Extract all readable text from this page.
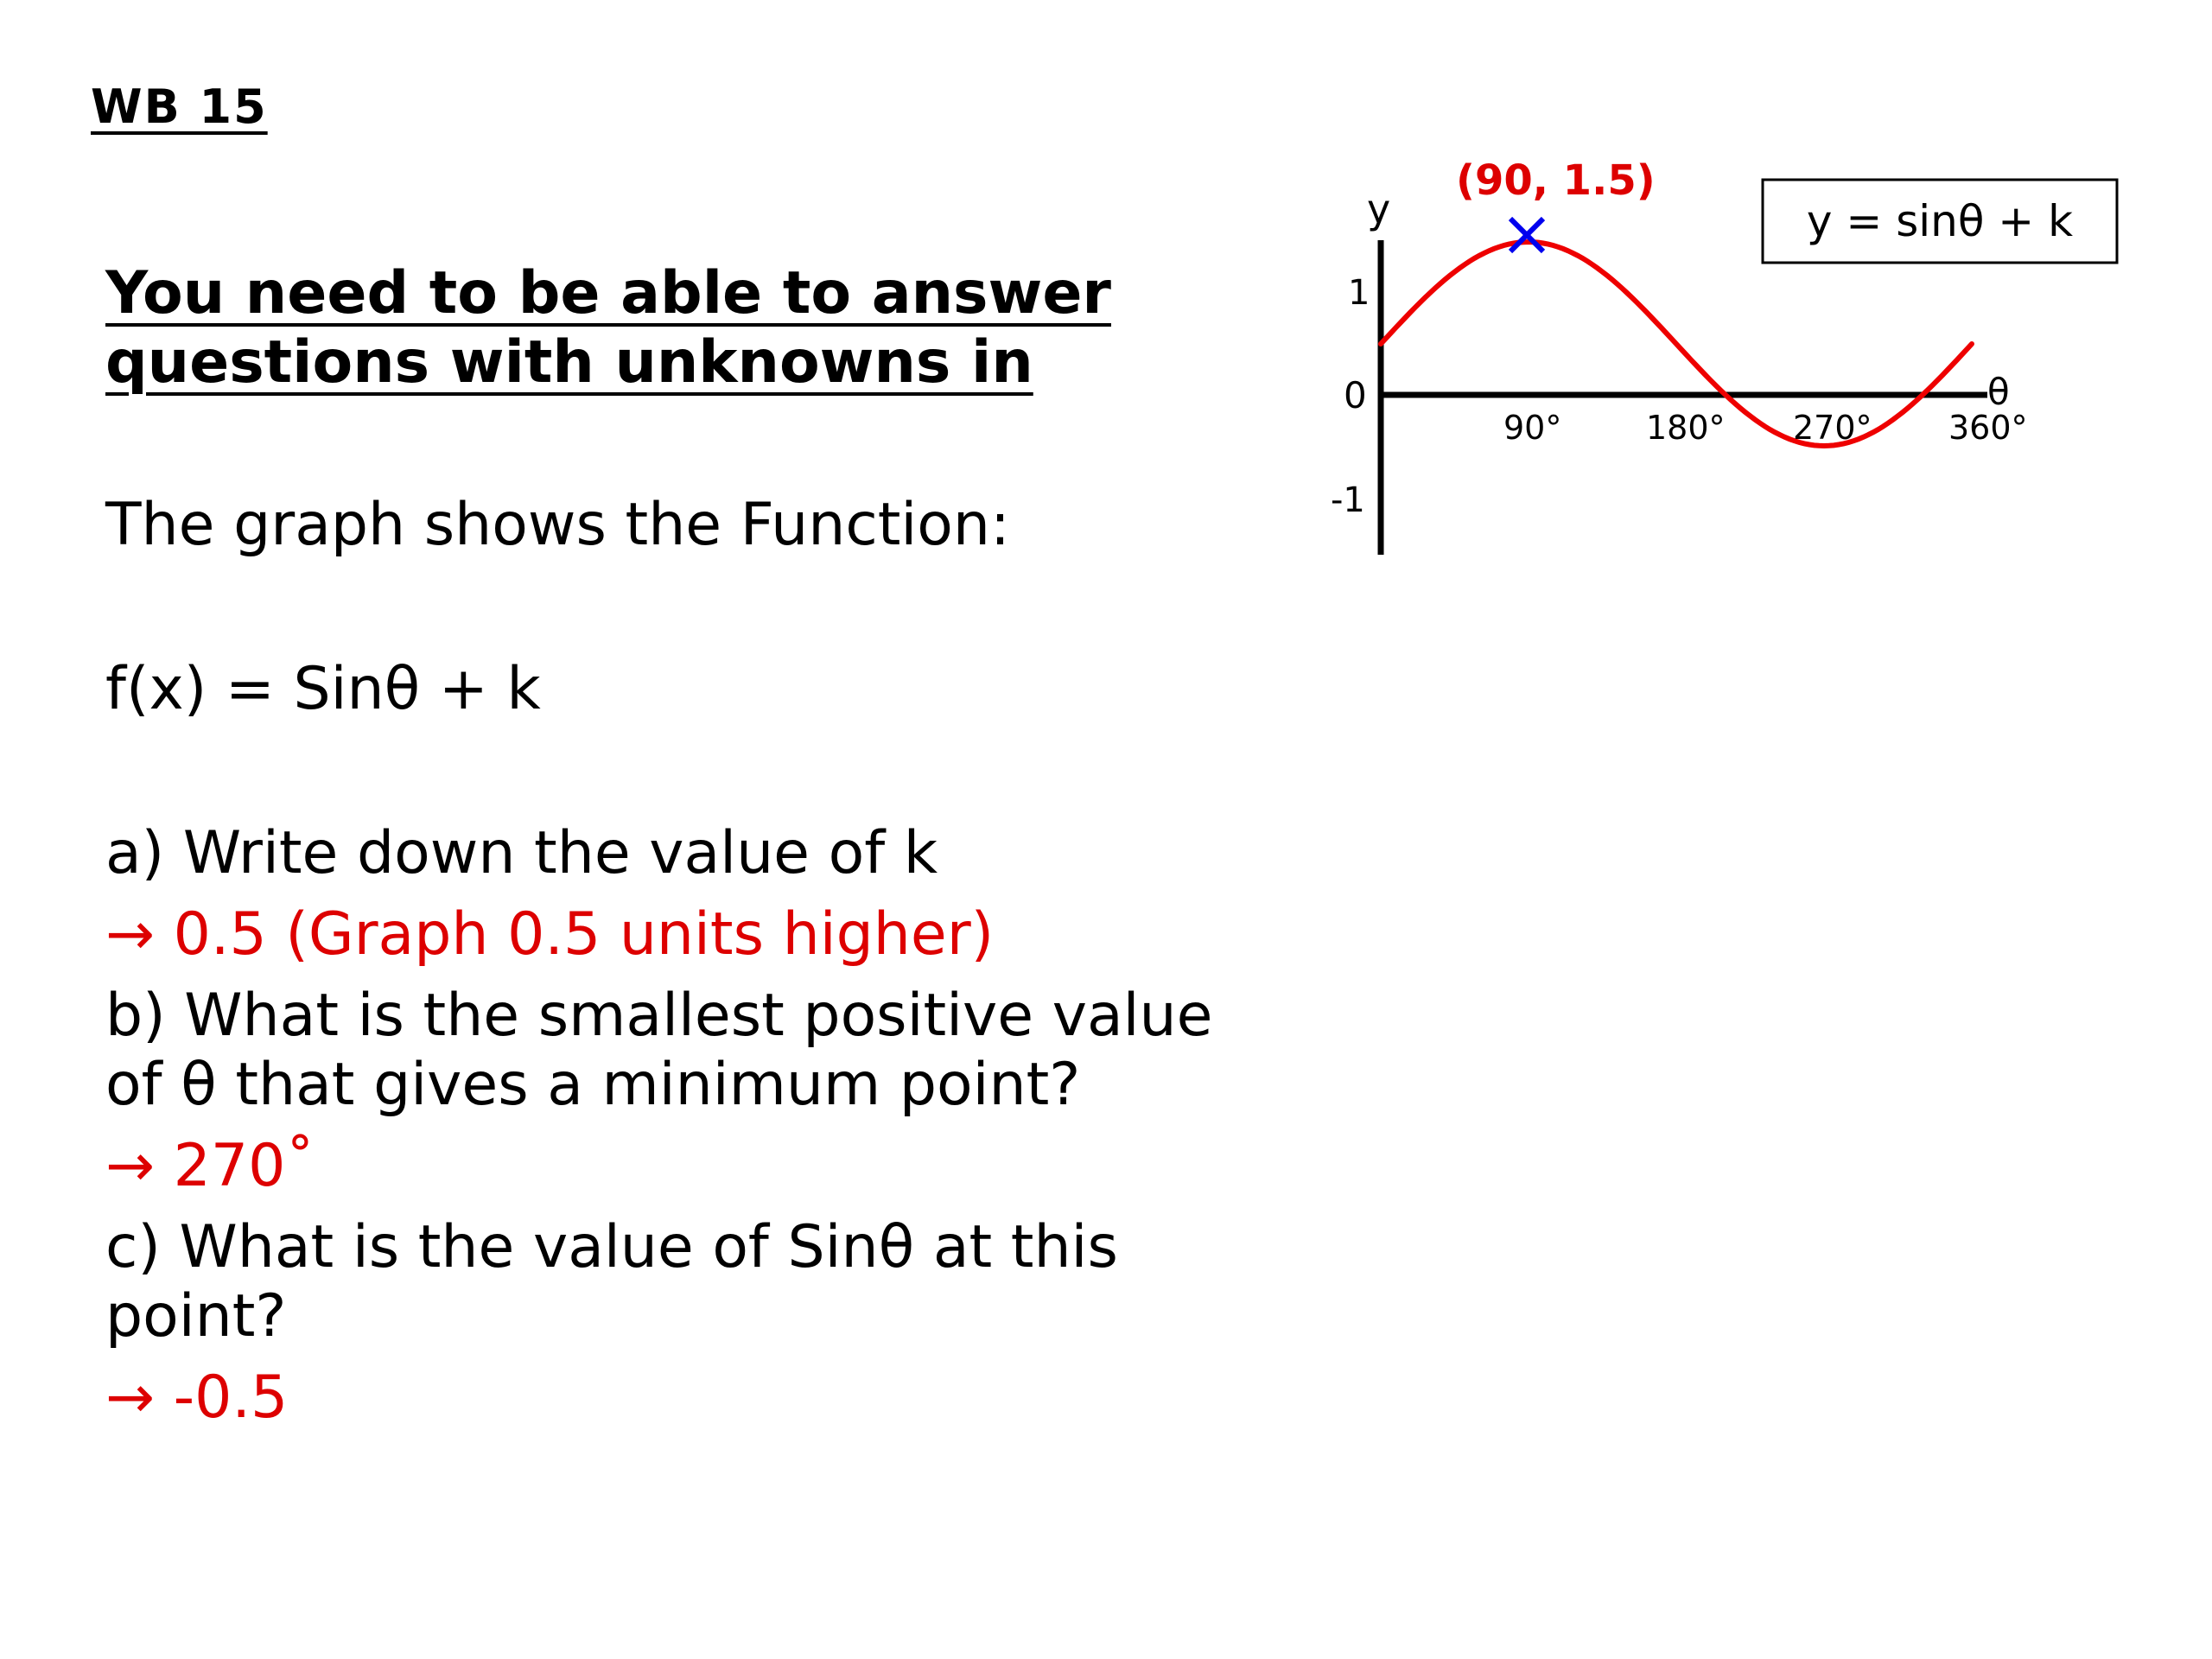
WB 15
You need to be able to answer questions with unknowns in
The graph shows the Function:
f(x) = Sinθ + k
a) Write down the value of k
→ 0.5 (Graph 0.5 units higher)
b) What is the smallest positive value of θ that gives a minimum point?
→ 270˚
c) What is the value of Sinθ at this point?
→ -0.5
(90, 1.5)
y
θ
1
0
-1
90°	180° 270° 360°
y = sinθ + k
